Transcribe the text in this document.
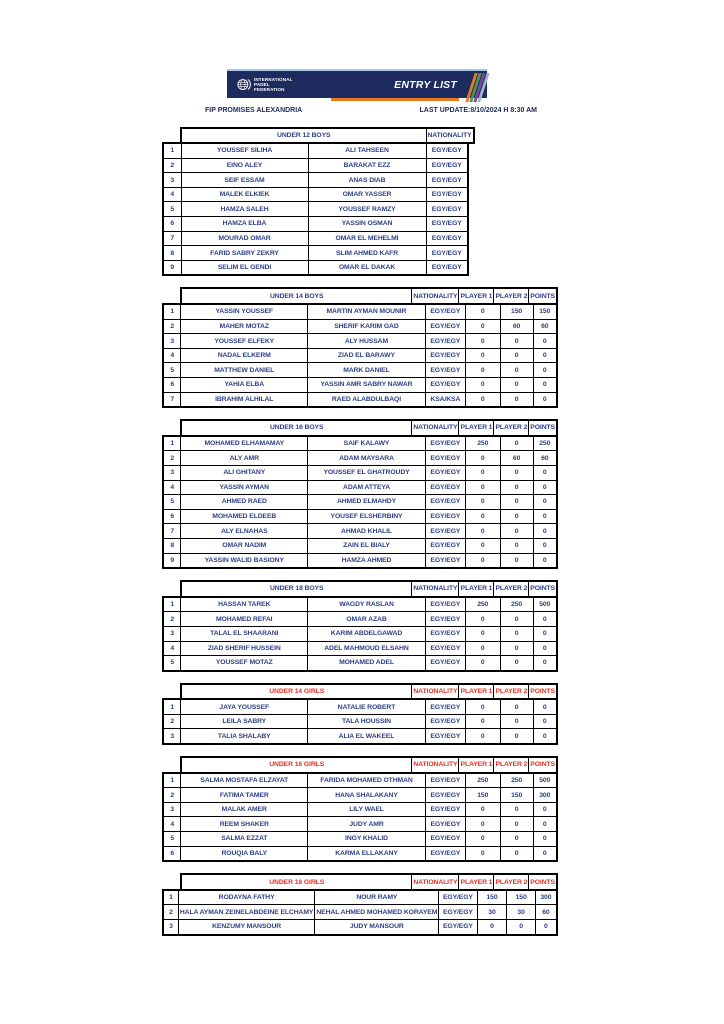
INTERNATIONAL
PADEL
FEDERATION	ENTRY LIST
FIP PROMISES ALEXANDRIA	LAST UPDATE:8/10/2024 H 8:30 AM
UNDER 12 BOYS	NATIONALITY
1	YOUSSEF SILIHA	ALI TAHSEEN	EGY/EGY
2	EINO ALEY	BARAKAT EZZ	EGY/EGY
3	SEIF ESSAM	ANAS DIAB	EGY/EGY
4	MALEK ELKIEK	OMAR YASSER	EGY/EGY
5	HAMZA SALEH	YOUSSEF RAMZY	EGY/EGY
6	HAMZA ELBA	YASSIN OSMAN	EGY/EGY
7	MOURAD OMAR	OMAR EL MEHELMI	EGY/EGY
8	FARID SABRY ZEKRY	SLIM AHMED KAFR	EGY/EGY
9	SELIM EL GENDI	OMAR EL DAKAK	EGY/EGY
UNDER 14 BOYS	NATIONALITY	PLAYER 1	PLAYER 2	POINTS
1	YASSIN YOUSSEF	MARTIN AYMAN MOUNIR	EGY/EGY	0	150	150
2	MAHER MOTAZ	SHERIF KARIM GAD	EGY/EGY	0	60	60
3	YOUSSEF ELFEKY	ALY HUSSAM	EGY/EGY	0	0	0
4	NADAL ELKERM	ZIAD EL BARAWY	EGY/EGY	0	0	0
5	MATTHEW DANIEL	MARK DANIEL	EGY/EGY	0	0	0
6	YAHIA ELBA	YASSIN AMR SABRY NAWAR	EGY/EGY	0	0	0
7	IBRAHIM ALHILAL	RAED ALABDULBAQI	KSA/KSA	0	0	0
UNDER 16 BOYS	NATIONALITY	PLAYER 1	PLAYER 2	POINTS
1	MOHAMED ELHAMAMAY	SAIF KALAWY	EGY/EGY	250	0	250
2	ALY AMR	ADAM MAYSARA	EGY/EGY	0	60	60
3	ALI GHITANY	YOUSSEF EL GHATROUDY	EGY/EGY	0	0	0
4	YASSIN AYMAN	ADAM ATTEYA	EGY/EGY	0	0	0
5	AHMED RAED	AHMED ELMAHDY	EGY/EGY	0	0	0
6	MOHAMED ELDEEB	YOUSEF ELSHERBINY	EGY/EGY	0	0	0
7	ALY ELNAHAS	AHMAD KHALIL	EGY/EGY	0	0	0
8	OMAR NADIM	ZAIN EL BIALY	EGY/EGY	0	0	0
9	YASSIN WALID BASIONY	HAMZA AHMED	EGY/EGY	0	0	0
UNDER 18 BOYS	NATIONALITY	PLAYER 1	PLAYER 2	POINTS
1	HASSAN TAREK	WAGDY RASLAN	EGY/EGY	250	250	500
2	MOHAMED REFAI	OMAR AZAB	EGY/EGY	0	0	0
3	TALAL EL SHAARANI	KARIM ABDELGAWAD	EGY/EGY	0	0	0
4	ZIAD SHERIF HUSSEIN	ADEL MAHMOUD ELSAHN	EGY/EGY	0	0	0
5	YOUSSEF MOTAZ	MOHAMED ADEL	EGY/EGY	0	0	0
UNDER 14 GIRLS	NATIONALITY	PLAYER 1	PLAYER 2	POINTS
1	JAYA YOUSSEF	NATALIE ROBERT	EGY/EGY	0	0	0
2	LEILA SABRY	TALA HOUSSIN	EGY/EGY	0	0	0
3	TALIA SHALABY	ALIA EL WAKEEL	EGY/EGY	0	0	0
UNDER 16 GIRLS	NATIONALITY	PLAYER 1	PLAYER 2	POINTS
1	SALMA MOSTAFA ELZAYAT	FARIDA MOHAMED OTHMAN	EGY/EGY	250	250	500
2	FATIMA TAMER	HANA SHALAKANY	EGY/EGY	150	150	300
3	MALAK AMER	LILY WAEL	EGY/EGY	0	0	0
4	REEM SHAKER	JUDY AMR	EGY/EGY	0	0	0
5	SALMA EZZAT	INGY KHALID	EGY/EGY	0	0	0
6	ROUQIA BALY	KARMA ELLAKANY	EGY/EGY	0	0	0
UNDER 18 GIRLS	NATIONALITY	PLAYER 1	PLAYER 2	POINTS
1	RODAYNA FATHY	NOUR RAMY	EGY/EGY	150	150	300
2	HALA AYMAN ZEINELABDEINE ELCHAMY	NEHAL AHMED MOHAMED KORAYEM	EGY/EGY	30	30	60
3	KENZUMY MANSOUR	JUDY MANSOUR	EGY/EGY	0	0	0
